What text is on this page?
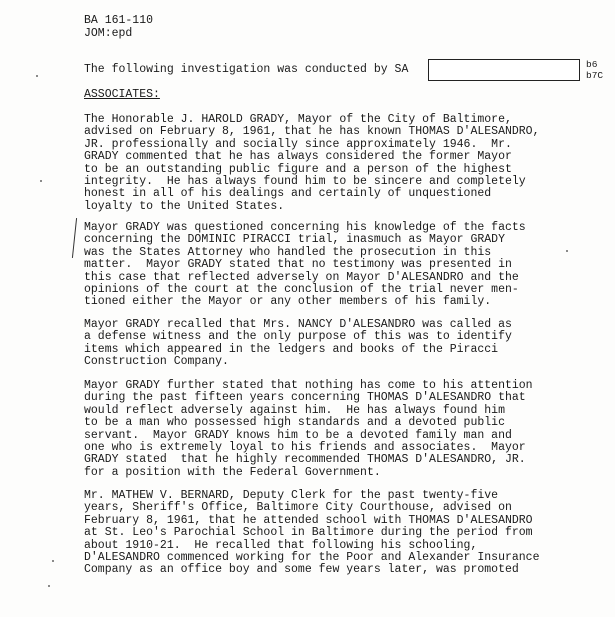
BA 161-110
JOM:epd
The following investigation was conducted by SA	b6
b7C
ASSOCIATES:
The Honorable J. HAROLD GRADY, Mayor of the City of Baltimore,
advised on February 8, 1961, that he has known THOMAS D'ALESANDRO,
JR. professionally and socially since approximately 1946.  Mr.
GRADY commented that he has always considered the former Mayor
to be an outstanding public figure and a person of the highest
integrity.  He has always found him to be sincere and completely
honest in all of his dealings and certainly of unquestioned
loyalty to the United States.
Mayor GRADY was questioned concerning his knowledge of the facts
concerning the DOMINIC PIRACCI trial, inasmuch as Mayor GRADY
was the States Attorney who handled the prosecution in this
matter.  Mayor GRADY stated that no testimony was presented in
this case that reflected adversely on Mayor D'ALESANDRO and the
opinions of the court at the conclusion of the trial never men-
tioned either the Mayor or any other members of his family.
Mayor GRADY recalled that Mrs. NANCY D'ALESANDRO was called as
a defense witness and the only purpose of this was to identify
items which appeared in the ledgers and books of the Piracci
Construction Company.
Mayor GRADY further stated that nothing has come to his attention
during the past fifteen years concerning THOMAS D'ALESANDRO that
would reflect adversely against him.  He has always found him
to be a man who possessed high standards and a devoted public
servant.  Mayor GRADY knows him to be a devoted family man and
one who is extremely loyal to his friends and associates.  Mayor
GRADY stated  that he highly recommended THOMAS D'ALESANDRO, JR.
for a position with the Federal Government.
Mr. MATHEW V. BERNARD, Deputy Clerk for the past twenty-five
years, Sheriff's Office, Baltimore City Courthouse, advised on
February 8, 1961, that he attended school with THOMAS D'ALESANDRO
at St. Leo's Parochial School in Baltimore during the period from
about 1910-21.  He recalled that following his schooling,
D'ALESANDRO commenced working for the Poor and Alexander Insurance
Company as an office boy and some few years later, was promoted
